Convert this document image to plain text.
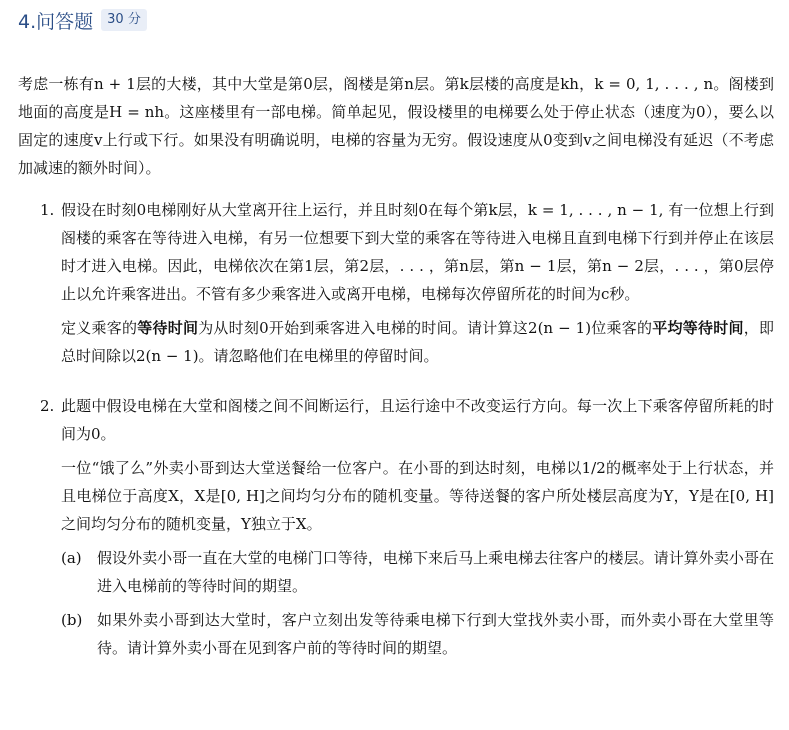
4.问答题	30 分
考虑一栋有n + 1层的大楼，其中大堂是第0层，阁楼是第n层。第k层楼的高度是kh，k = 0, 1, . . . , n。阁楼到地面的高度是H = nh。这座楼里有一部电梯。简单起见，假设楼里的电梯要么处于停止状态（速度为0），要么以固定的速度v上行或下行。如果没有明确说明，电梯的容量为无穷。假设速度从0变到v之间电梯没有延迟（不考虑加减速的额外时间）。
1. 假设在时刻0电梯刚好从大堂离开往上运行，并且时刻0在每个第k层，k = 1, . . . , n − 1, 有一位想上行到阁楼的乘客在等待进入电梯，有另一位想要下到大堂的乘客在等待进入电梯且直到电梯下行到并停止在该层时才进入电梯。因此，电梯依次在第1层，第2层，. . . ，第n层，第n − 1层，第n − 2层，. . . ，第0层停止以允许乘客进出。不管有多少乘客进入或离开电梯，电梯每次停留所花的时间为c秒。

定义乘客的等待时间为从时刻0开始到乘客进入电梯的时间。请计算这2(n − 1)位乘客的平均等待时间，即总时间除以2(n − 1)。请忽略他们在电梯里的停留时间。

2. 此题中假设电梯在大堂和阁楼之间不间断运行，且运行途中不改变运行方向。每一次上下乘客停留所耗的时间为0。

一位“饿了么”外卖小哥到达大堂送餐给一位客户。在小哥的到达时刻，电梯以1/2的概率处于上行状态，并且电梯位于高度X，X是[0, H]之间均匀分布的随机变量。等待送餐的客户所处楼层高度为Y，Y是在[0, H]之间均匀分布的随机变量，Y独立于X。

(a) 假设外卖小哥一直在大堂的电梯门口等待，电梯下来后马上乘电梯去往客户的楼层。请计算外卖小哥在进入电梯前的等待时间的期望。
(b) 如果外卖小哥到达大堂时，客户立刻出发等待乘电梯下行到大堂找外卖小哥，而外卖小哥在大堂里等待。请计算外卖小哥在见到客户前的等待时间的期望。
